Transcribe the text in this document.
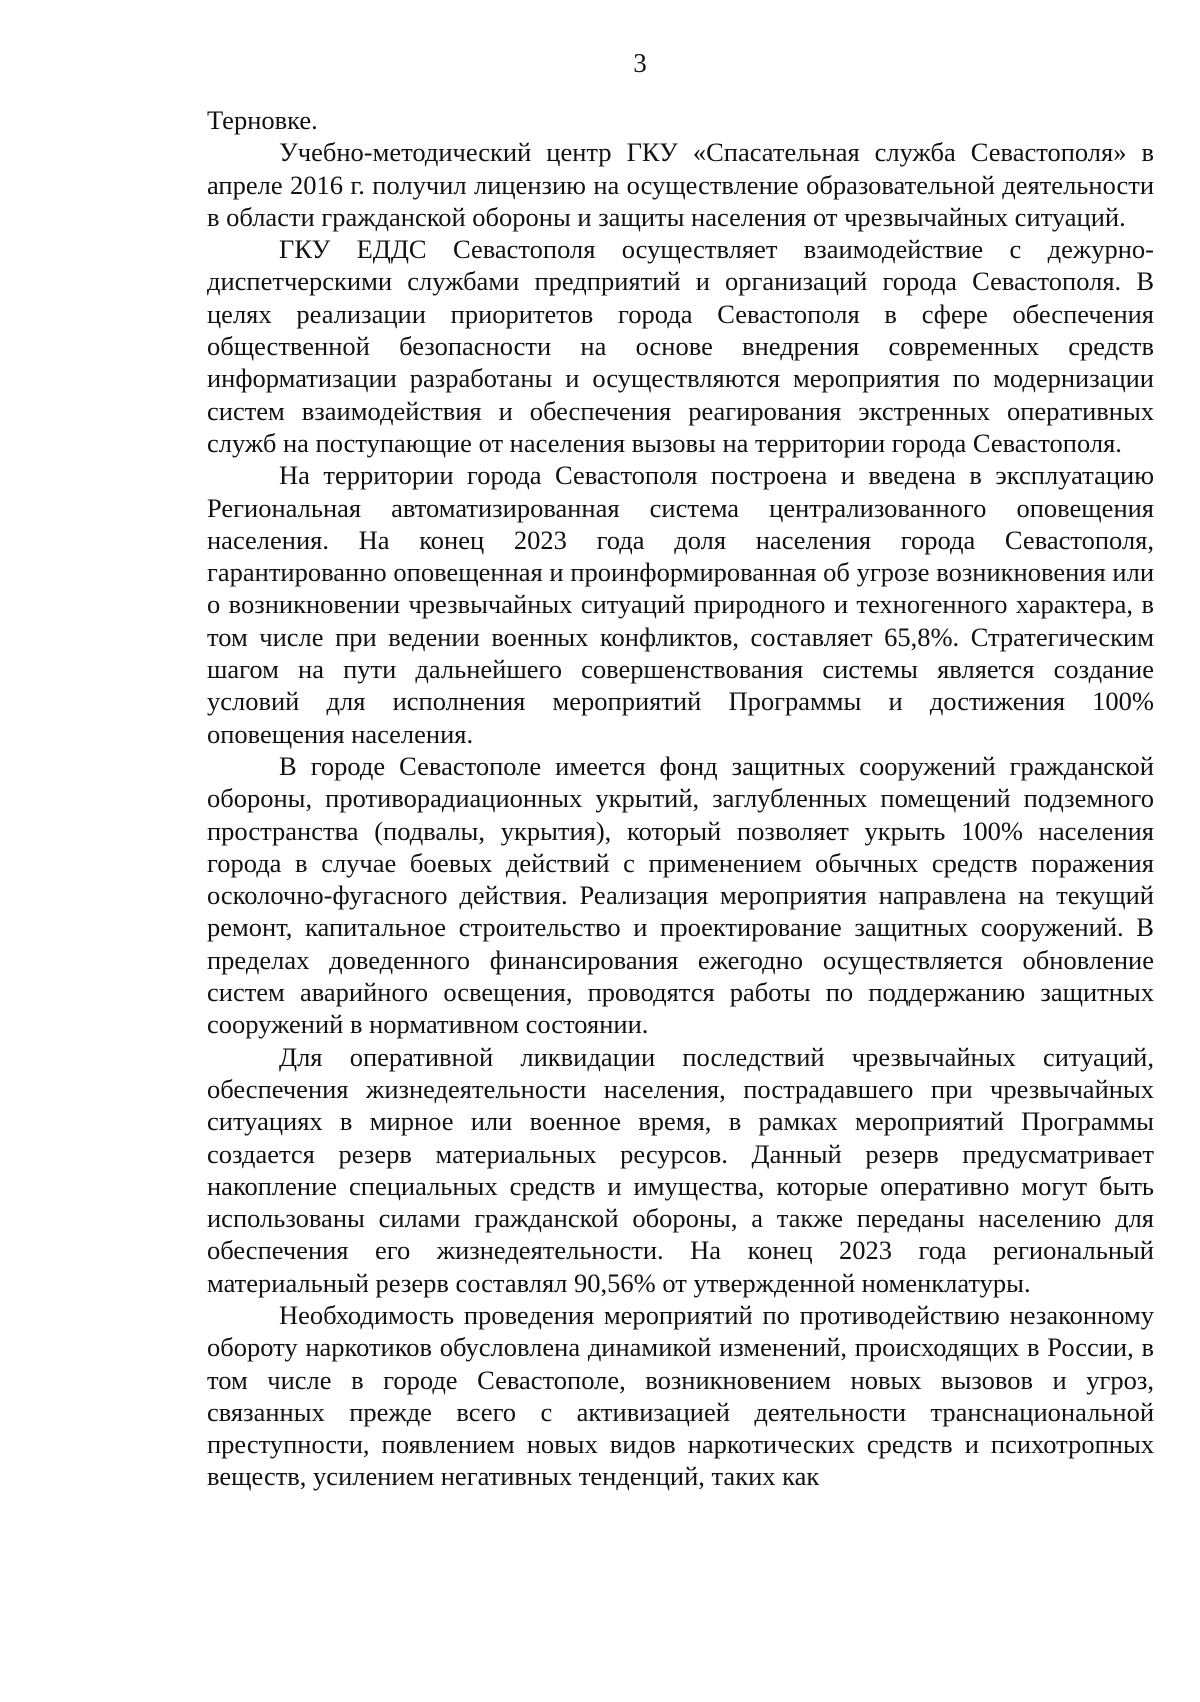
3

Терновке.

Учебно-методический центр ГКУ «Спасательная служба Севастополя» в апреле 2016 г. получил лицензию на осуществление образовательной деятельности в области гражданской обороны и защиты населения от чрезвычайных ситуаций.

ГКУ ЕДДС Севастополя осуществляет взаимодействие с дежурно-диспетчерскими службами предприятий и организаций города Севастополя. В целях реализации приоритетов города Севастополя в сфере обеспечения общественной безопасности на основе внедрения современных средств информатизации разработаны и осуществляются мероприятия по модернизации систем взаимодействия и обеспечения реагирования экстренных оперативных служб на поступающие от населения вызовы на территории города Севастополя.

На территории города Севастополя построена и введена в эксплуатацию Региональная автоматизированная система централизованного оповещения населения. На конец 2023 года доля населения города Севастополя, гарантированно оповещенная и проинформированная об угрозе возникновения или о возникновении чрезвычайных ситуаций природного и техногенного характера, в том числе при ведении военных конфликтов, составляет 65,8%. Стратегическим шагом на пути дальнейшего совершенствования системы является создание условий для исполнения мероприятий Программы и достижения 100% оповещения населения.

В городе Севастополе имеется фонд защитных сооружений гражданской обороны, противорадиационных укрытий, заглубленных помещений подземного пространства (подвалы, укрытия), который позволяет укрыть 100% населения города в случае боевых действий с применением обычных средств поражения осколочно-фугасного действия. Реализация мероприятия направлена на текущий ремонт, капитальное строительство и проектирование защитных сооружений. В пределах доведенного финансирования ежегодно осуществляется обновление систем аварийного освещения, проводятся работы по поддержанию защитных сооружений в нормативном состоянии.

Для оперативной ликвидации последствий чрезвычайных ситуаций, обеспечения жизнедеятельности населения, пострадавшего при чрезвычайных ситуациях в мирное или военное время, в рамках мероприятий Программы создается резерв материальных ресурсов. Данный резерв предусматривает накопление специальных средств и имущества, которые оперативно могут быть использованы силами гражданской обороны, а также переданы населению для обеспечения его жизнедеятельности. На конец 2023 года региональный материальный резерв составлял 90,56% от утвержденной номенклатуры.

Необходимость проведения мероприятий по противодействию незаконному обороту наркотиков обусловлена динамикой изменений, происходящих в России, в том числе в городе Севастополе, возникновением новых вызовов и угроз, связанных прежде всего с активизацией деятельности транснациональной преступности, появлением новых видов наркотических средств и психотропных веществ, усилением негативных тенденций, таких как
